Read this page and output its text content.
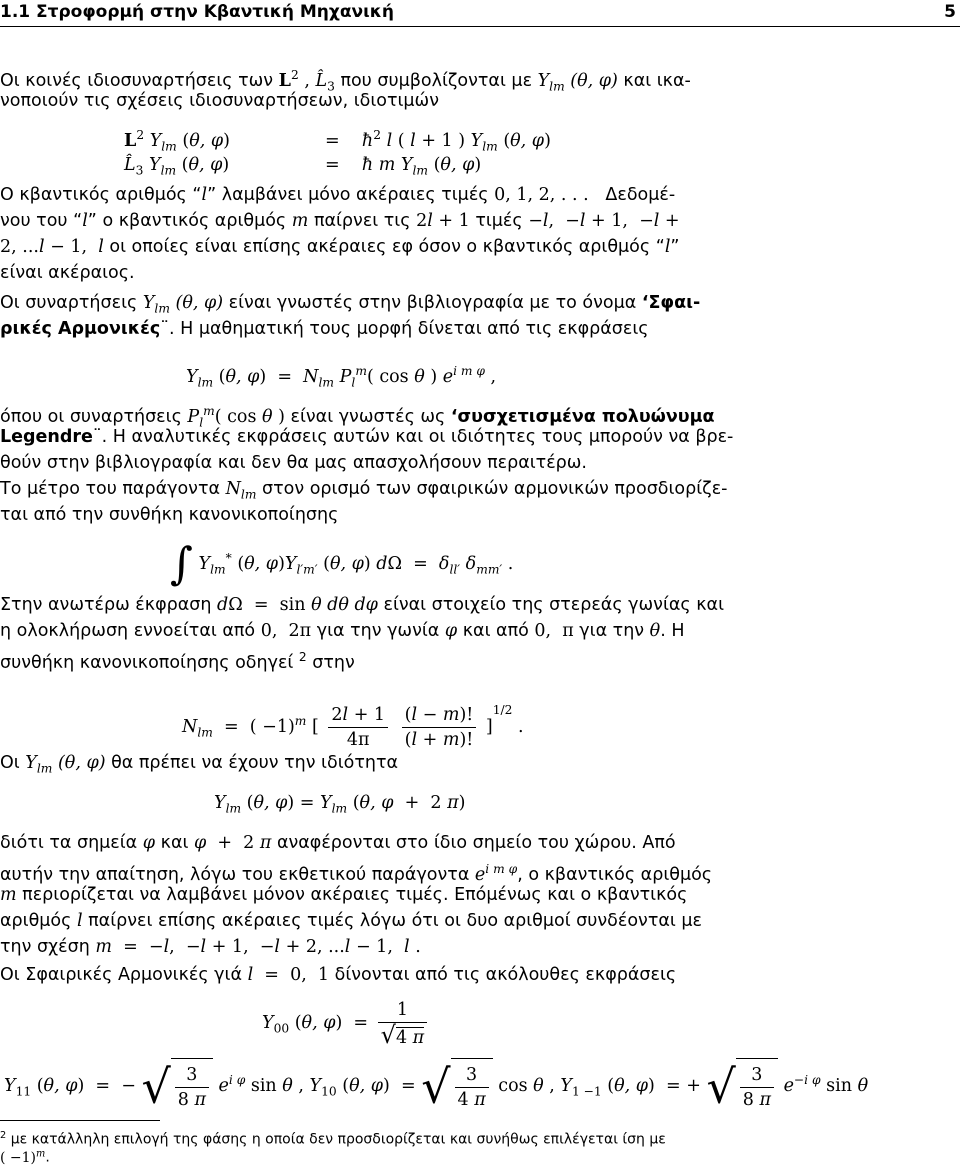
1.1 Στροφορμή στην Κβαντική Μηχανική	5
Οι κοινές ιδιοσυναρτήσεις των $L^2$ , $L̂_3$ που συμβολίζονται με $Y_{lm}$ (θ, φ) και ικα-
νοποιούν τις σχέσεις ιδιοσυναρτήσεων, ιδιοτιμών
$L^2$ $Y_{lm}$ (θ, φ)	=    $ħ^2$ l ( l + 1 ) $Y_{lm}$ (θ, φ)
$L̂_3$ $Y_{lm}$ (θ, φ)	=    ħ m $Y_{lm}$ (θ, φ)
Ο κβαντικός αριθμός “l” λαμβάνει μόνο ακέραιες τιμές 0, 1, 2, . . . Δεδομέ-
νου του “l” ο κβαντικός αριθμός m παίρνει τις 2l + 1 τιμές −l,  −l + 1,  −l +
2, ...l − 1,  l οι οποίες είναι επίσης ακέραιες εφ όσον ο κβαντικός αριθμός “l”
είναι ακέραιος.
Οι συναρτήσεις $Y_{lm}$ (θ, φ) είναι γνωστές στην βιβλιογραφία με το όνομα ‘Σφαι-
ρικές Αρμονικές¨. Η μαθηματική τους μορφή δίνεται από τις εκφράσεις
$Y_{lm}$ (θ, $\varphi) = N_{lm}$ $P_l^m$( cos θ ) $e^{i m \varphi}$ ,
όπου οι συναρτήσεις $P_l^m$( cos θ ) είναι γνωστές ως ‘συσχετισμένα πολυώνυμα
Legendre¨. Η αναλυτικές εκφράσεις αυτών και οι ιδιότητες τους μπορούν να βρε-
θούν στην βιβλιογραφία και δεν θα μας απασχολήσουν περαιτέρω.
Το μέτρο του παράγοντα $N_{lm}$ στον ορισμό των σφαιρικών αρμονικών προσδιορίζε-
ται από την συνθήκη κανονικοποίησης
∫ $Y_{lm}^*$ (θ, $\varphi)Y_{l'm'}$ (θ, φ) $d\Omega = \delta_{ll'}$ $\delta_{mm'}$ .
Στην ανωτέρω έκφραση dΩ  =  sin θ dθ dφ είναι στοιχείο της στερεάς γωνίας και
η ολοκλήρωση εννοείται από 0,  2π για την γωνία φ και από 0,  π για την θ. Η
συνθήκη κανονικοποίησης οδηγεί $^2$ στην
$N_{lm}$  =  ( −1)$^m$ [ $\frac{2l + 1}{4\pi}$
$\frac{(l - m)!}{(l + m)!} ]^{1/2}$ .
Οι $Y_{lm}$ (θ, φ) θα πρέπει να έχουν την ιδιότητα
$Y_{lm}$ (θ, $\varphi) = Y_{lm}$ (θ, φ  +  2 π)
διότι τα σημεία φ και φ  +  2 π αναφέρονται στο ίδιο σημείο του χώρου. Από
αυτήν την απαίτηση, λόγω του εκθετικού παράγοντα $e^{i m \varphi}$, ο κβαντικός αριθμός
m περιορίζεται να λαμβάνει μόνον ακέραιες τιμές. Επόμένως και ο κβαντικός
αριθμός l παίρνει επίσης ακέραιες τιμές λόγω ότι οι δυο αριθμοί συνδέονται με
την σχέση m  =  −l,  −l + 1,  −l + 2, ...l − 1,  l .
Οι Σφαιρικές Αρμονικές γιά l  =  0,  1 δίνονται από τις ακόλουθες εκφράσεις
$Y_{00}$ (θ, $\varphi) = \frac{1}{√4 \pi}$
$Y_{11}$ (θ, φ)  =  − √ $\frac{3}{8 \pi} e^{i \varphi}$ sin θ , $Y_{10}$ (θ, φ)  = √ $\frac{3}{4 \pi}$ cos θ , $Y_{1 -1}$ (θ, φ)  = + √ $\frac{3}{8 \pi} e^{-i \varphi}$ sin θ
$^2$ με κατάλληλη επιλογή της φάσης η οποία δεν προσδιορίζεται και συνήθως επιλέγεται ίση με
( −1)$^m$.
